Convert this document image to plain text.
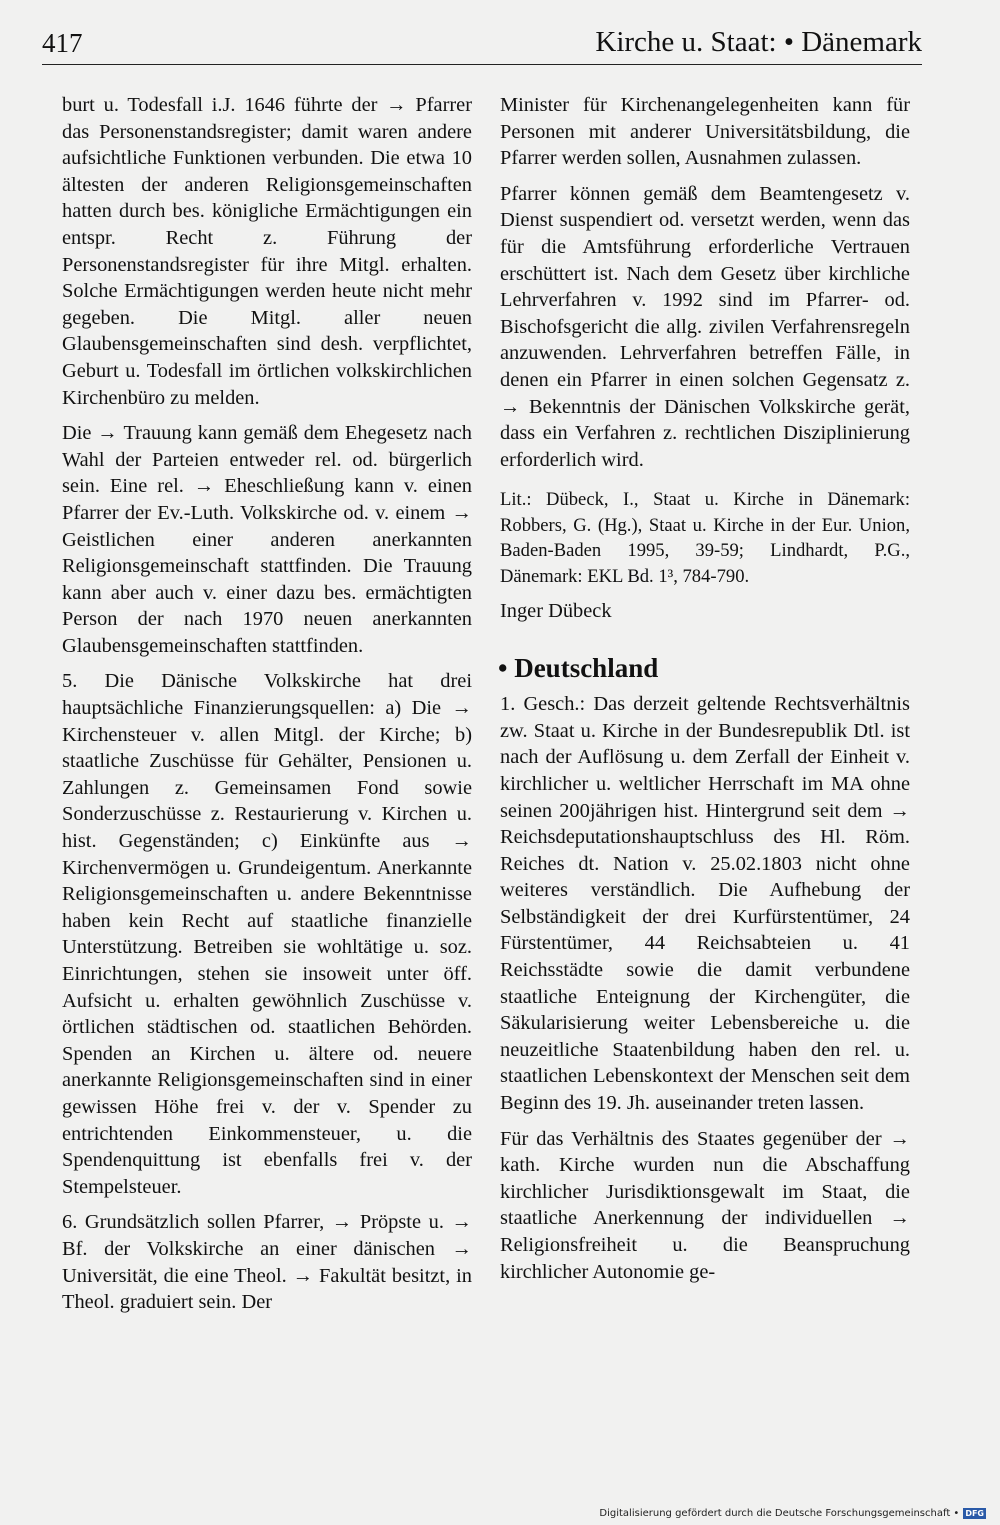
417	Kirche u. Staat: • Dänemark

burt u. Todesfall i.J. 1646 führte der → Pfarrer das Personenstandsregister; damit waren andere aufsichtliche Funktionen verbunden. Die etwa 10 ältesten der anderen Religionsgemeinschaften hatten durch bes. königliche Ermächtigungen ein entspr. Recht z. Führung der Personenstandsregister für ihre Mitgl. erhalten. Solche Ermächtigungen werden heute nicht mehr gegeben. Die Mitgl. aller neuen Glaubensgemeinschaften sind desh. verpflichtet, Geburt u. Todesfall im örtlichen volkskirchlichen Kirchenbüro zu melden.

Die → Trauung kann gemäß dem Ehegesetz nach Wahl der Parteien entweder rel. od. bürgerlich sein. Eine rel. → Eheschließung kann v. einen Pfarrer der Ev.-Luth. Volkskirche od. v. einem → Geistlichen einer anderen anerkannten Religionsgemeinschaft stattfinden. Die Trauung kann aber auch v. einer dazu bes. ermächtigten Person der nach 1970 neuen anerkannten Glaubensgemeinschaften stattfinden.

5. Die Dänische Volkskirche hat drei hauptsächliche Finanzierungsquellen: a) Die → Kirchensteuer v. allen Mitgl. der Kirche; b) staatliche Zuschüsse für Gehälter, Pensionen u. Zahlungen z. Gemeinsamen Fond sowie Sonderzuschüsse z. Restaurierung v. Kirchen u. hist. Gegenständen; c) Einkünfte aus → Kirchenvermögen u. Grundeigentum. Anerkannte Religionsgemeinschaften u. andere Bekenntnisse haben kein Recht auf staatliche finanzielle Unterstützung. Betreiben sie wohltätige u. soz. Einrichtungen, stehen sie insoweit unter öff. Aufsicht u. erhalten gewöhnlich Zuschüsse v. örtlichen städtischen od. staatlichen Behörden. Spenden an Kirchen u. ältere od. neuere anerkannte Religionsgemeinschaften sind in einer gewissen Höhe frei v. der v. Spender zu entrichtenden Einkommensteuer, u. die Spendenquittung ist ebenfalls frei v. der Stempelsteuer.

6. Grundsätzlich sollen Pfarrer, → Pröpste u. → Bf. der Volkskirche an einer dänischen → Universität, die eine Theol. → Fakultät besitzt, in Theol. graduiert sein. Der

Minister für Kirchenangelegenheiten kann für Personen mit anderer Universitätsbildung, die Pfarrer werden sollen, Ausnahmen zulassen.

Pfarrer können gemäß dem Beamtengesetz v. Dienst suspendiert od. versetzt werden, wenn das für die Amtsführung erforderliche Vertrauen erschüttert ist. Nach dem Gesetz über kirchliche Lehrverfahren v. 1992 sind im Pfarrer- od. Bischofsgericht die allg. zivilen Verfahrensregeln anzuwenden. Lehrverfahren betreffen Fälle, in denen ein Pfarrer in einen solchen Gegensatz z. → Bekenntnis der Dänischen Volkskirche gerät, dass ein Verfahren z. rechtlichen Disziplinierung erforderlich wird.

Lit.: Dübeck, I., Staat u. Kirche in Dänemark: Robbers, G. (Hg.), Staat u. Kirche in der Eur. Union, Baden-Baden 1995, 39-59; Lindhardt, P.G., Dänemark: EKL Bd. 1³, 784-790.

Inger Dübeck

• Deutschland

1. Gesch.: Das derzeit geltende Rechtsverhältnis zw. Staat u. Kirche in der Bundesrepublik Dtl. ist nach der Auflösung u. dem Zerfall der Einheit v. kirchlicher u. weltlicher Herrschaft im MA ohne seinen 200jährigen hist. Hintergrund seit dem → Reichsdeputationshauptschluss des Hl. Röm. Reiches dt. Nation v. 25.02.1803 nicht ohne weiteres verständlich. Die Aufhebung der Selbständigkeit der drei Kurfürstentümer, 24 Fürstentümer, 44 Reichsabteien u. 41 Reichsstädte sowie die damit verbundene staatliche Enteignung der Kirchengüter, die Säkularisierung weiter Lebensbereiche u. die neuzeitliche Staatenbildung haben den rel. u. staatlichen Lebenskontext der Menschen seit dem Beginn des 19. Jh. auseinander treten lassen.

Für das Verhältnis des Staates gegenüber der → kath. Kirche wurden nun die Abschaffung kirchlicher Jurisdiktionsgewalt im Staat, die staatliche Anerkennung der individuellen → Religionsfreiheit u. die Beanspruchung kirchlicher Autonomie ge-

Digitalisierung gefördert durch die Deutsche Forschungsgemeinschaft • DFG
